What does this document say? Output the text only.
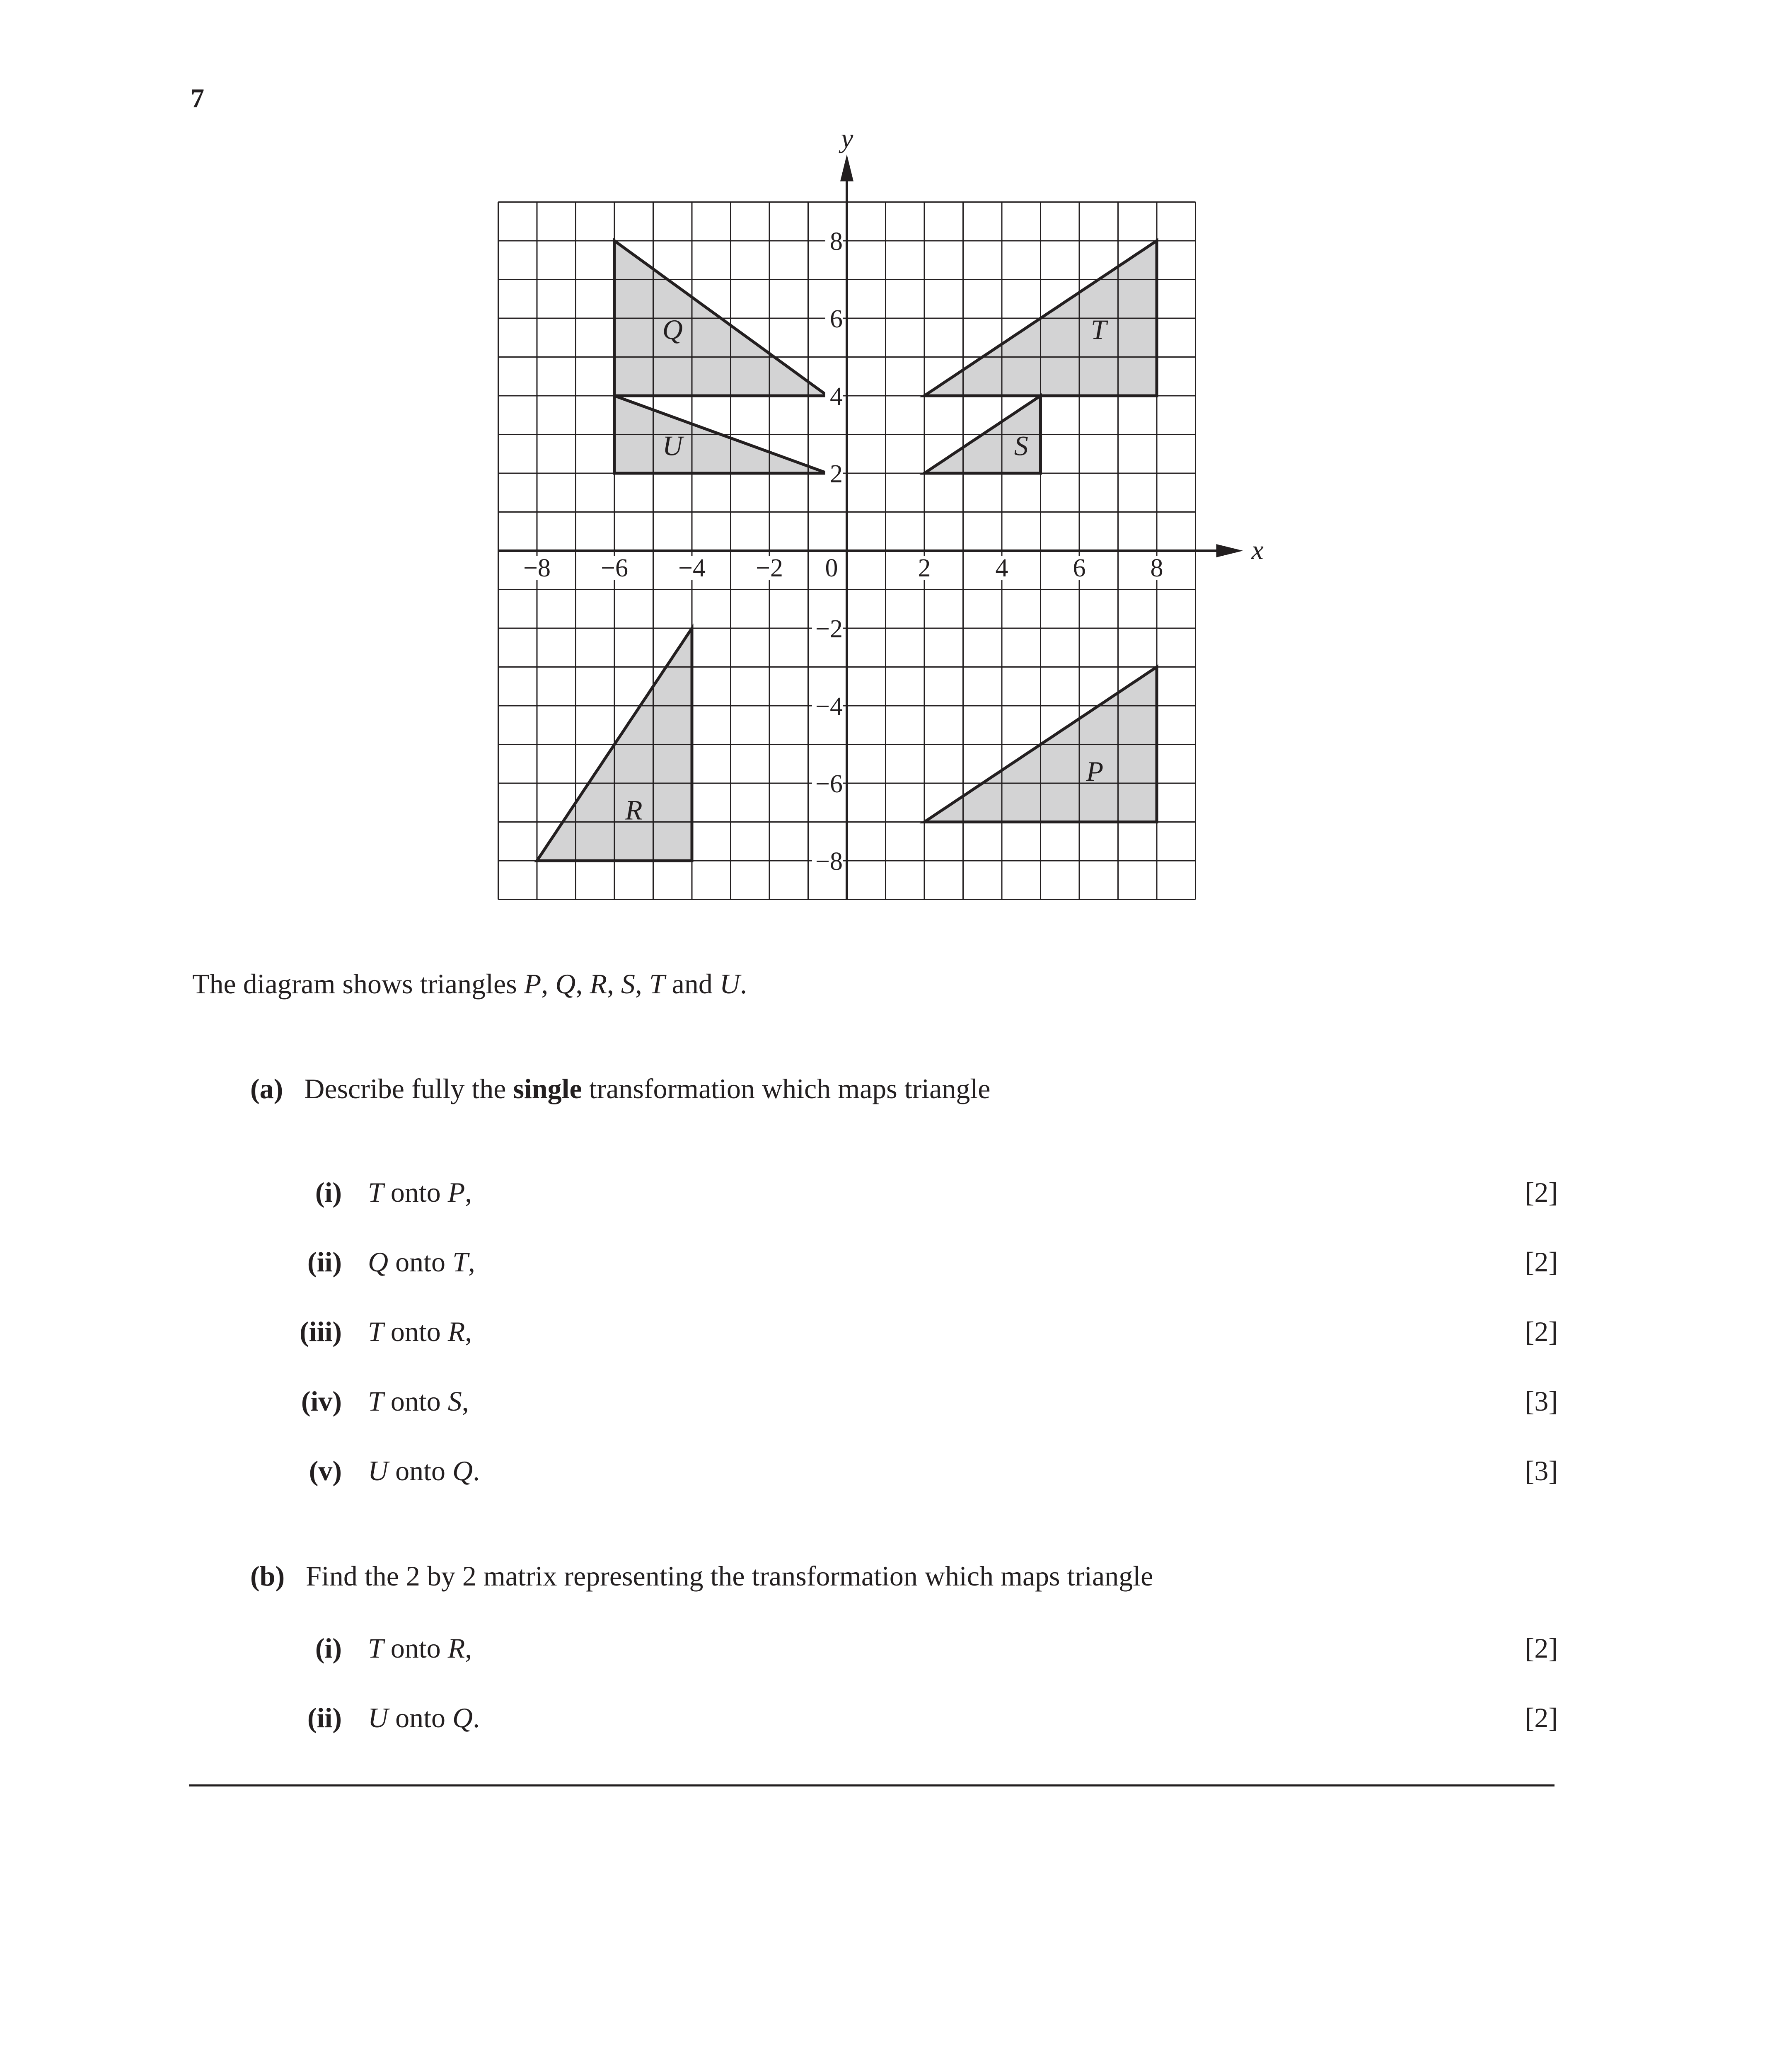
7
x
y
−8 −6 −4 −2	2	4	6	8
0
8
6
4
2
−2
−4
−6
−8
Q
U
T
S
R
P
The diagram shows triangles P, Q, R, S, T and U.
(a) Describe fully the single transformation which maps triangle
(i) T onto P,	[2]
(ii) Q onto T,	[2]
(iii) T onto R,	[2]
(iv) T onto S,	[3]
(v) U onto Q.	[3]
(b) Find the 2 by 2 matrix representing the transformation which maps triangle
(i) T onto R,	[2]
(ii) U onto Q.	[2]
